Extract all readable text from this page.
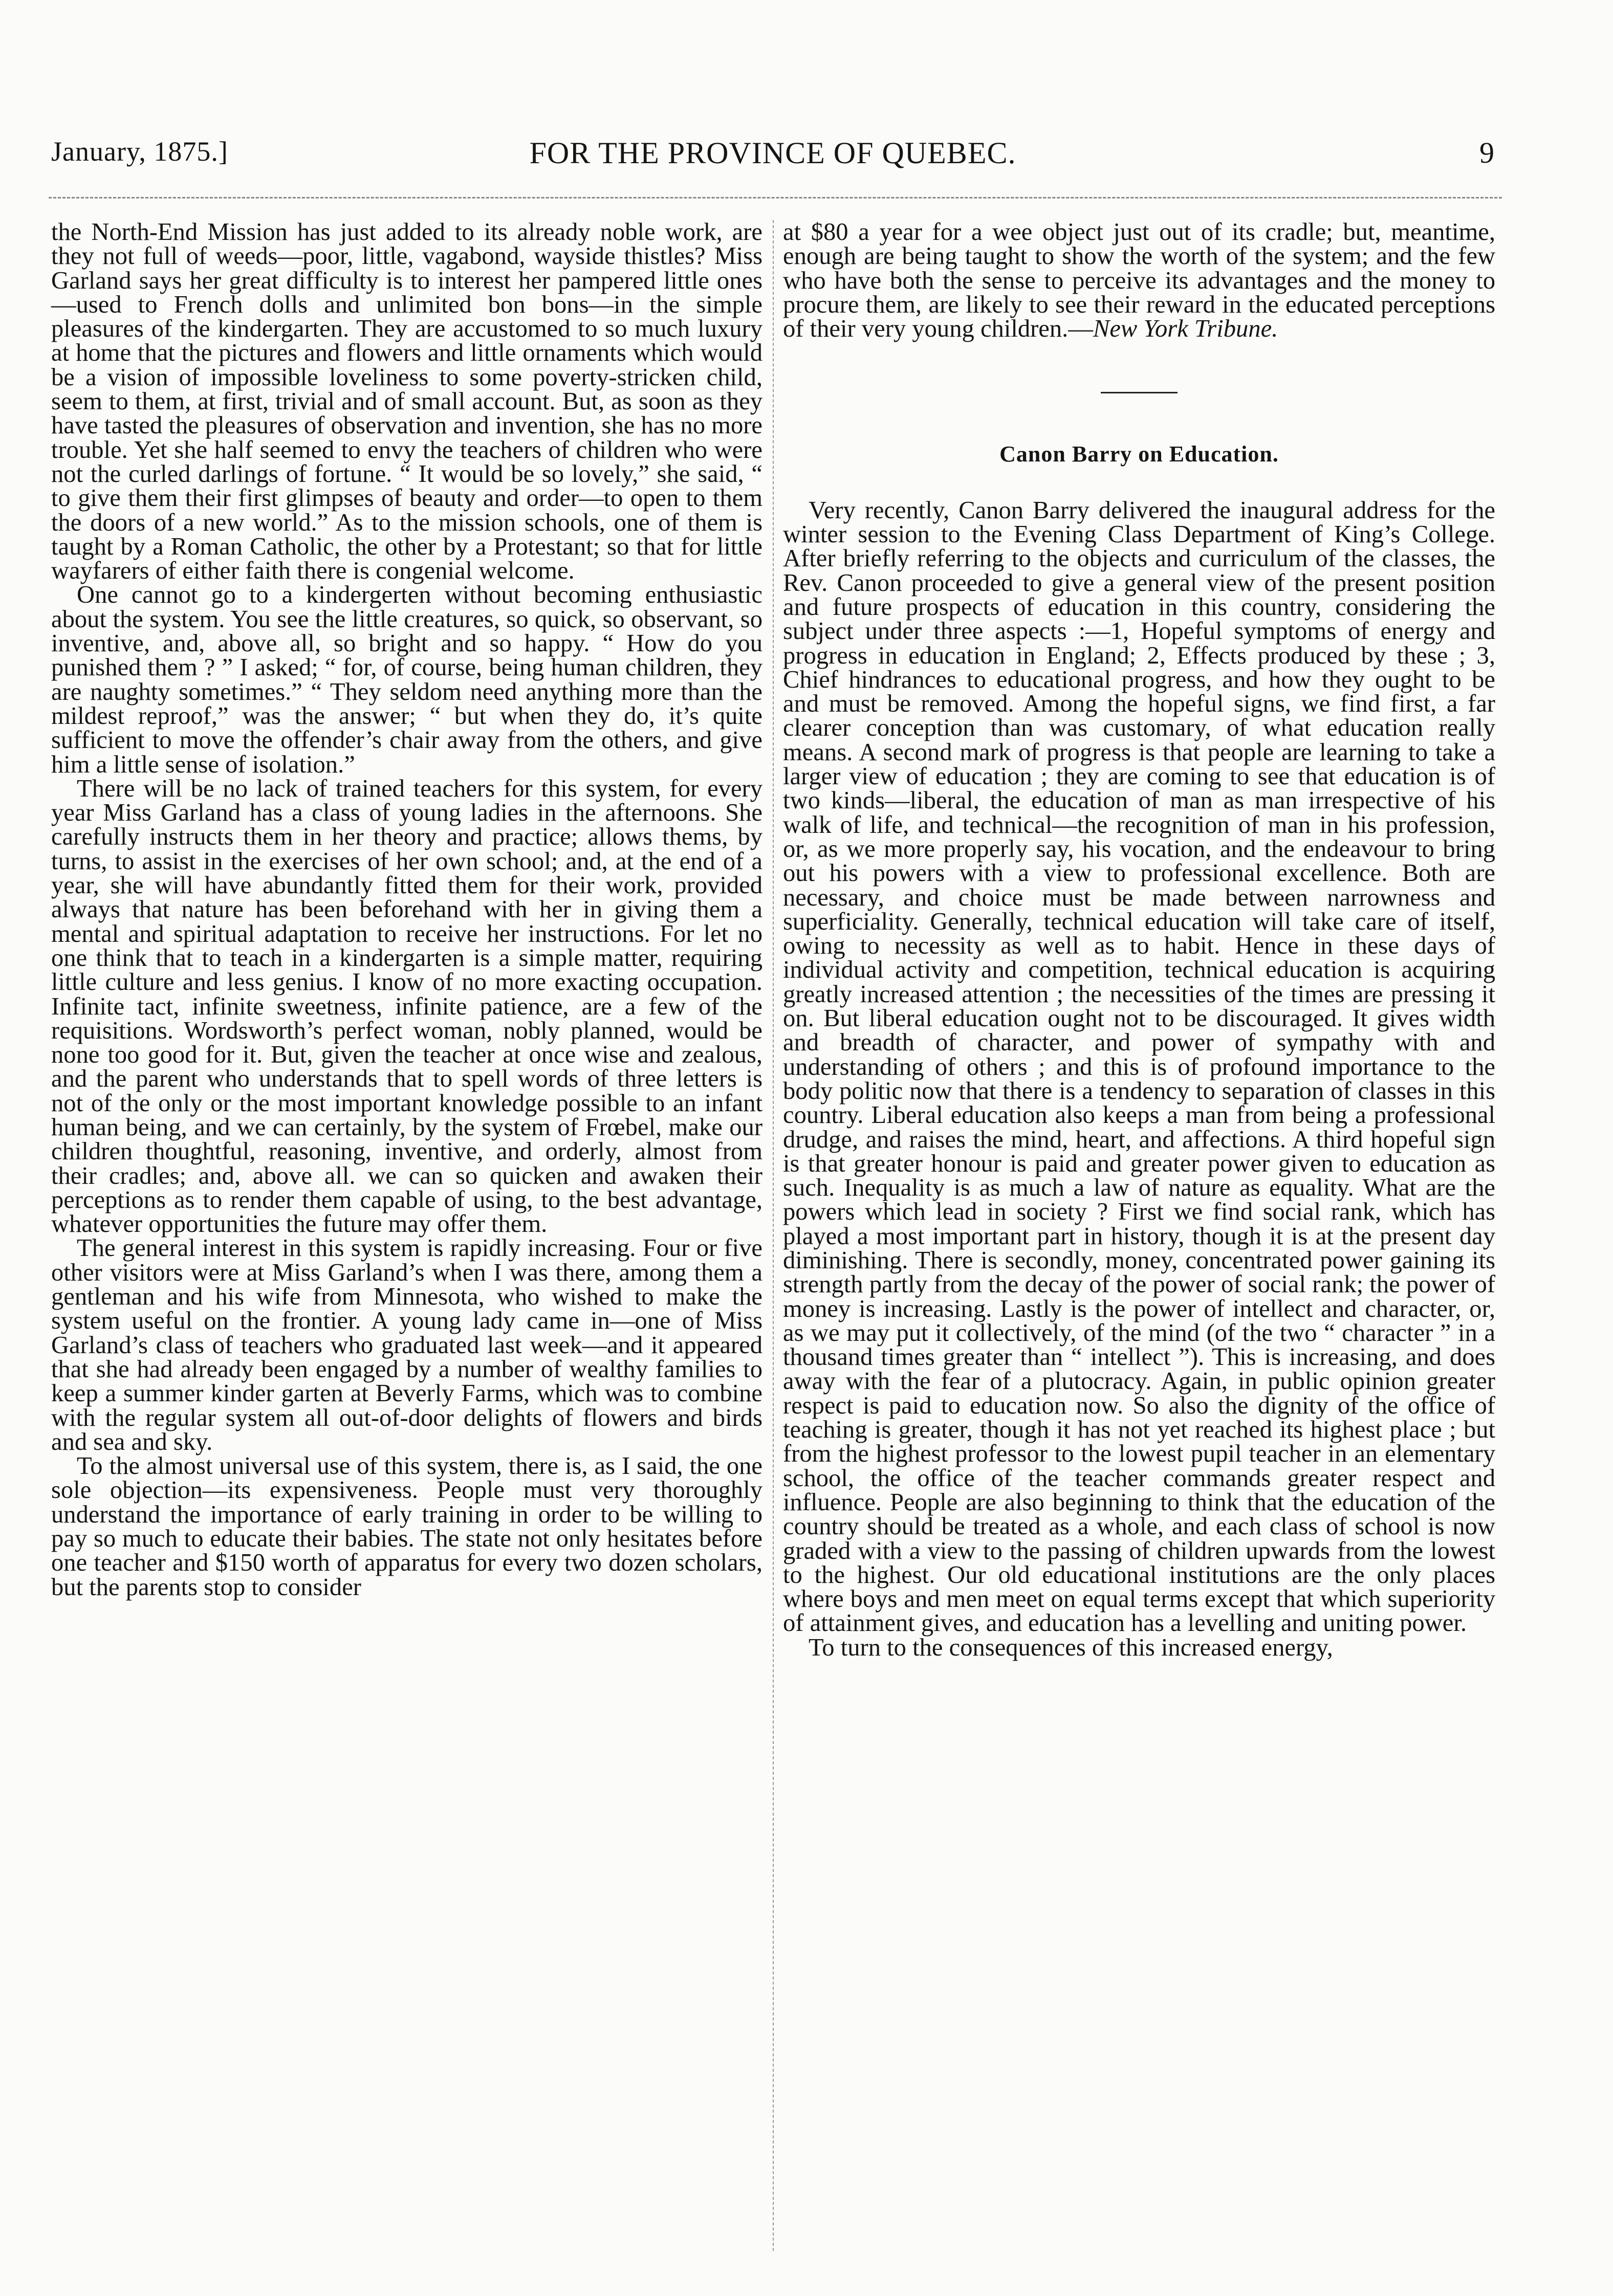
January, 1875.]	FOR THE PROVINCE OF QUEBEC.	9

the North-End Mission has just added to its already noble work, are they not full of weeds—poor, little, vagabond, wayside thistles? Miss Garland says her great difficulty is to interest her pampered little ones—used to French dolls and unlimited bon bons—in the simple pleasures of the kindergarten. They are accustomed to so much luxury at home that the pictures and flowers and little ornaments which would be a vision of impossible loveliness to some poverty-stricken child, seem to them, at first, trivial and of small account. But, as soon as they have tasted the pleasures of observation and invention, she has no more trouble. Yet she half seemed to envy the teachers of children who were not the curled darlings of fortune. “ It would be so lovely,” she said, “ to give them their first glimpses of beauty and order—to open to them the doors of a new world.” As to the mission schools, one of them is taught by a Roman Catholic, the other by a Protestant; so that for little wayfarers of either faith there is congenial welcome.

One cannot go to a kindergerten without becoming enthusiastic about the system. You see the little creatures, so quick, so observant, so inventive, and, above all, so bright and so happy. “ How do you punished them ? ” I asked; “ for, of course, being human children, they are naughty sometimes.” “ They seldom need anything more than the mildest reproof,” was the answer; “ but when they do, it’s quite sufficient to move the offender’s chair away from the others, and give him a little sense of isolation.”

There will be no lack of trained teachers for this system, for every year Miss Garland has a class of young ladies in the afternoons. She carefully instructs them in her theory and practice; allows thems, by turns, to assist in the exercises of her own school; and, at the end of a year, she will have abundantly fitted them for their work, provided always that nature has been beforehand with her in giving them a mental and spiritual adaptation to receive her instructions. For let no one think that to teach in a kindergarten is a simple matter, requiring little culture and less genius. I know of no more exacting occupation. Infinite tact, infinite sweetness, infinite patience, are a few of the requisitions. Wordsworth’s perfect woman, nobly planned, would be none too good for it. But, given the teacher at once wise and zealous, and the parent who understands that to spell words of three letters is not of the only or the most important knowledge possible to an infant human being, and we can certainly, by the system of Frœbel, make our children thoughtful, reasoning, inventive, and orderly, almost from their cradles; and, above all. we can so quicken and awaken their perceptions as to render them capable of using, to the best advantage, whatever opportunities the future may offer them.

The general interest in this system is rapidly increasing. Four or five other visitors were at Miss Garland’s when I was there, among them a gentleman and his wife from Minnesota, who wished to make the system useful on the frontier. A young lady came in—one of Miss Garland’s class of teachers who graduated last week—and it appeared that she had already been engaged by a number of wealthy families to keep a summer kinder garten at Beverly Farms, which was to combine with the regular system all out-of-door delights of flowers and birds and sea and sky.

To the almost universal use of this system, there is, as I said, the one sole objection—its expensiveness. People must very thoroughly understand the importance of early training in order to be willing to pay so much to educate their babies. The state not only hesitates before one teacher and $150 worth of apparatus for every two dozen scholars, but the parents stop to consider

at $80 a year for a wee object just out of its cradle; but, meantime, enough are being taught to show the worth of the system; and the few who have both the sense to perceive its advantages and the money to procure them, are likely to see their reward in the educated perceptions of their very young children.—New York Tribune.

Canon Barry on Education.

Very recently, Canon Barry delivered the inaugural address for the winter session to the Evening Class Department of King’s College. After briefly referring to the objects and curriculum of the classes, the Rev. Canon proceeded to give a general view of the present position and future prospects of education in this country, considering the subject under three aspects :—1, Hopeful symptoms of energy and progress in education in England; 2, Effects produced by these ; 3, Chief hindrances to educational progress, and how they ought to be and must be removed. Among the hopeful signs, we find first, a far clearer conception than was customary, of what education really means. A second mark of progress is that people are learning to take a larger view of education ; they are coming to see that education is of two kinds—liberal, the education of man as man irrespective of his walk of life, and technical—the recognition of man in his profession, or, as we more properly say, his vocation, and the endeavour to bring out his powers with a view to professional excellence. Both are necessary, and choice must be made between narrowness and superficiality. Generally, technical education will take care of itself, owing to necessity as well as to habit. Hence in these days of individual activity and competition, technical education is acquiring greatly increased attention ; the necessities of the times are pressing it on. But liberal education ought not to be discouraged. It gives width and breadth of character, and power of sympathy with and understanding of others ; and this is of profound importance to the body politic now that there is a tendency to separation of classes in this country. Liberal education also keeps a man from being a professional drudge, and raises the mind, heart, and affections. A third hopeful sign is that greater honour is paid and greater power given to education as such. Inequality is as much a law of nature as equality. What are the powers which lead in society ? First we find social rank, which has played a most important part in history, though it is at the present day diminishing. There is secondly, money, concentrated power gaining its strength partly from the decay of the power of social rank; the power of money is increasing. Lastly is the power of intellect and character, or, as we may put it collectively, of the mind (of the two “ character ” in a thousand times greater than “ intellect ”). This is increasing, and does away with the fear of a plutocracy. Again, in public opinion greater respect is paid to education now. So also the dignity of the office of teaching is greater, though it has not yet reached its highest place ; but from the highest professor to the lowest pupil teacher in an elementary school, the office of the teacher commands greater respect and influence. People are also beginning to think that the education of the country should be treated as a whole, and each class of school is now graded with a view to the passing of children upwards from the lowest to the highest. Our old educational institutions are the only places where boys and men meet on equal terms except that which superiority of attainment gives, and education has a levelling and uniting power.

To turn to the consequences of this increased energy,
